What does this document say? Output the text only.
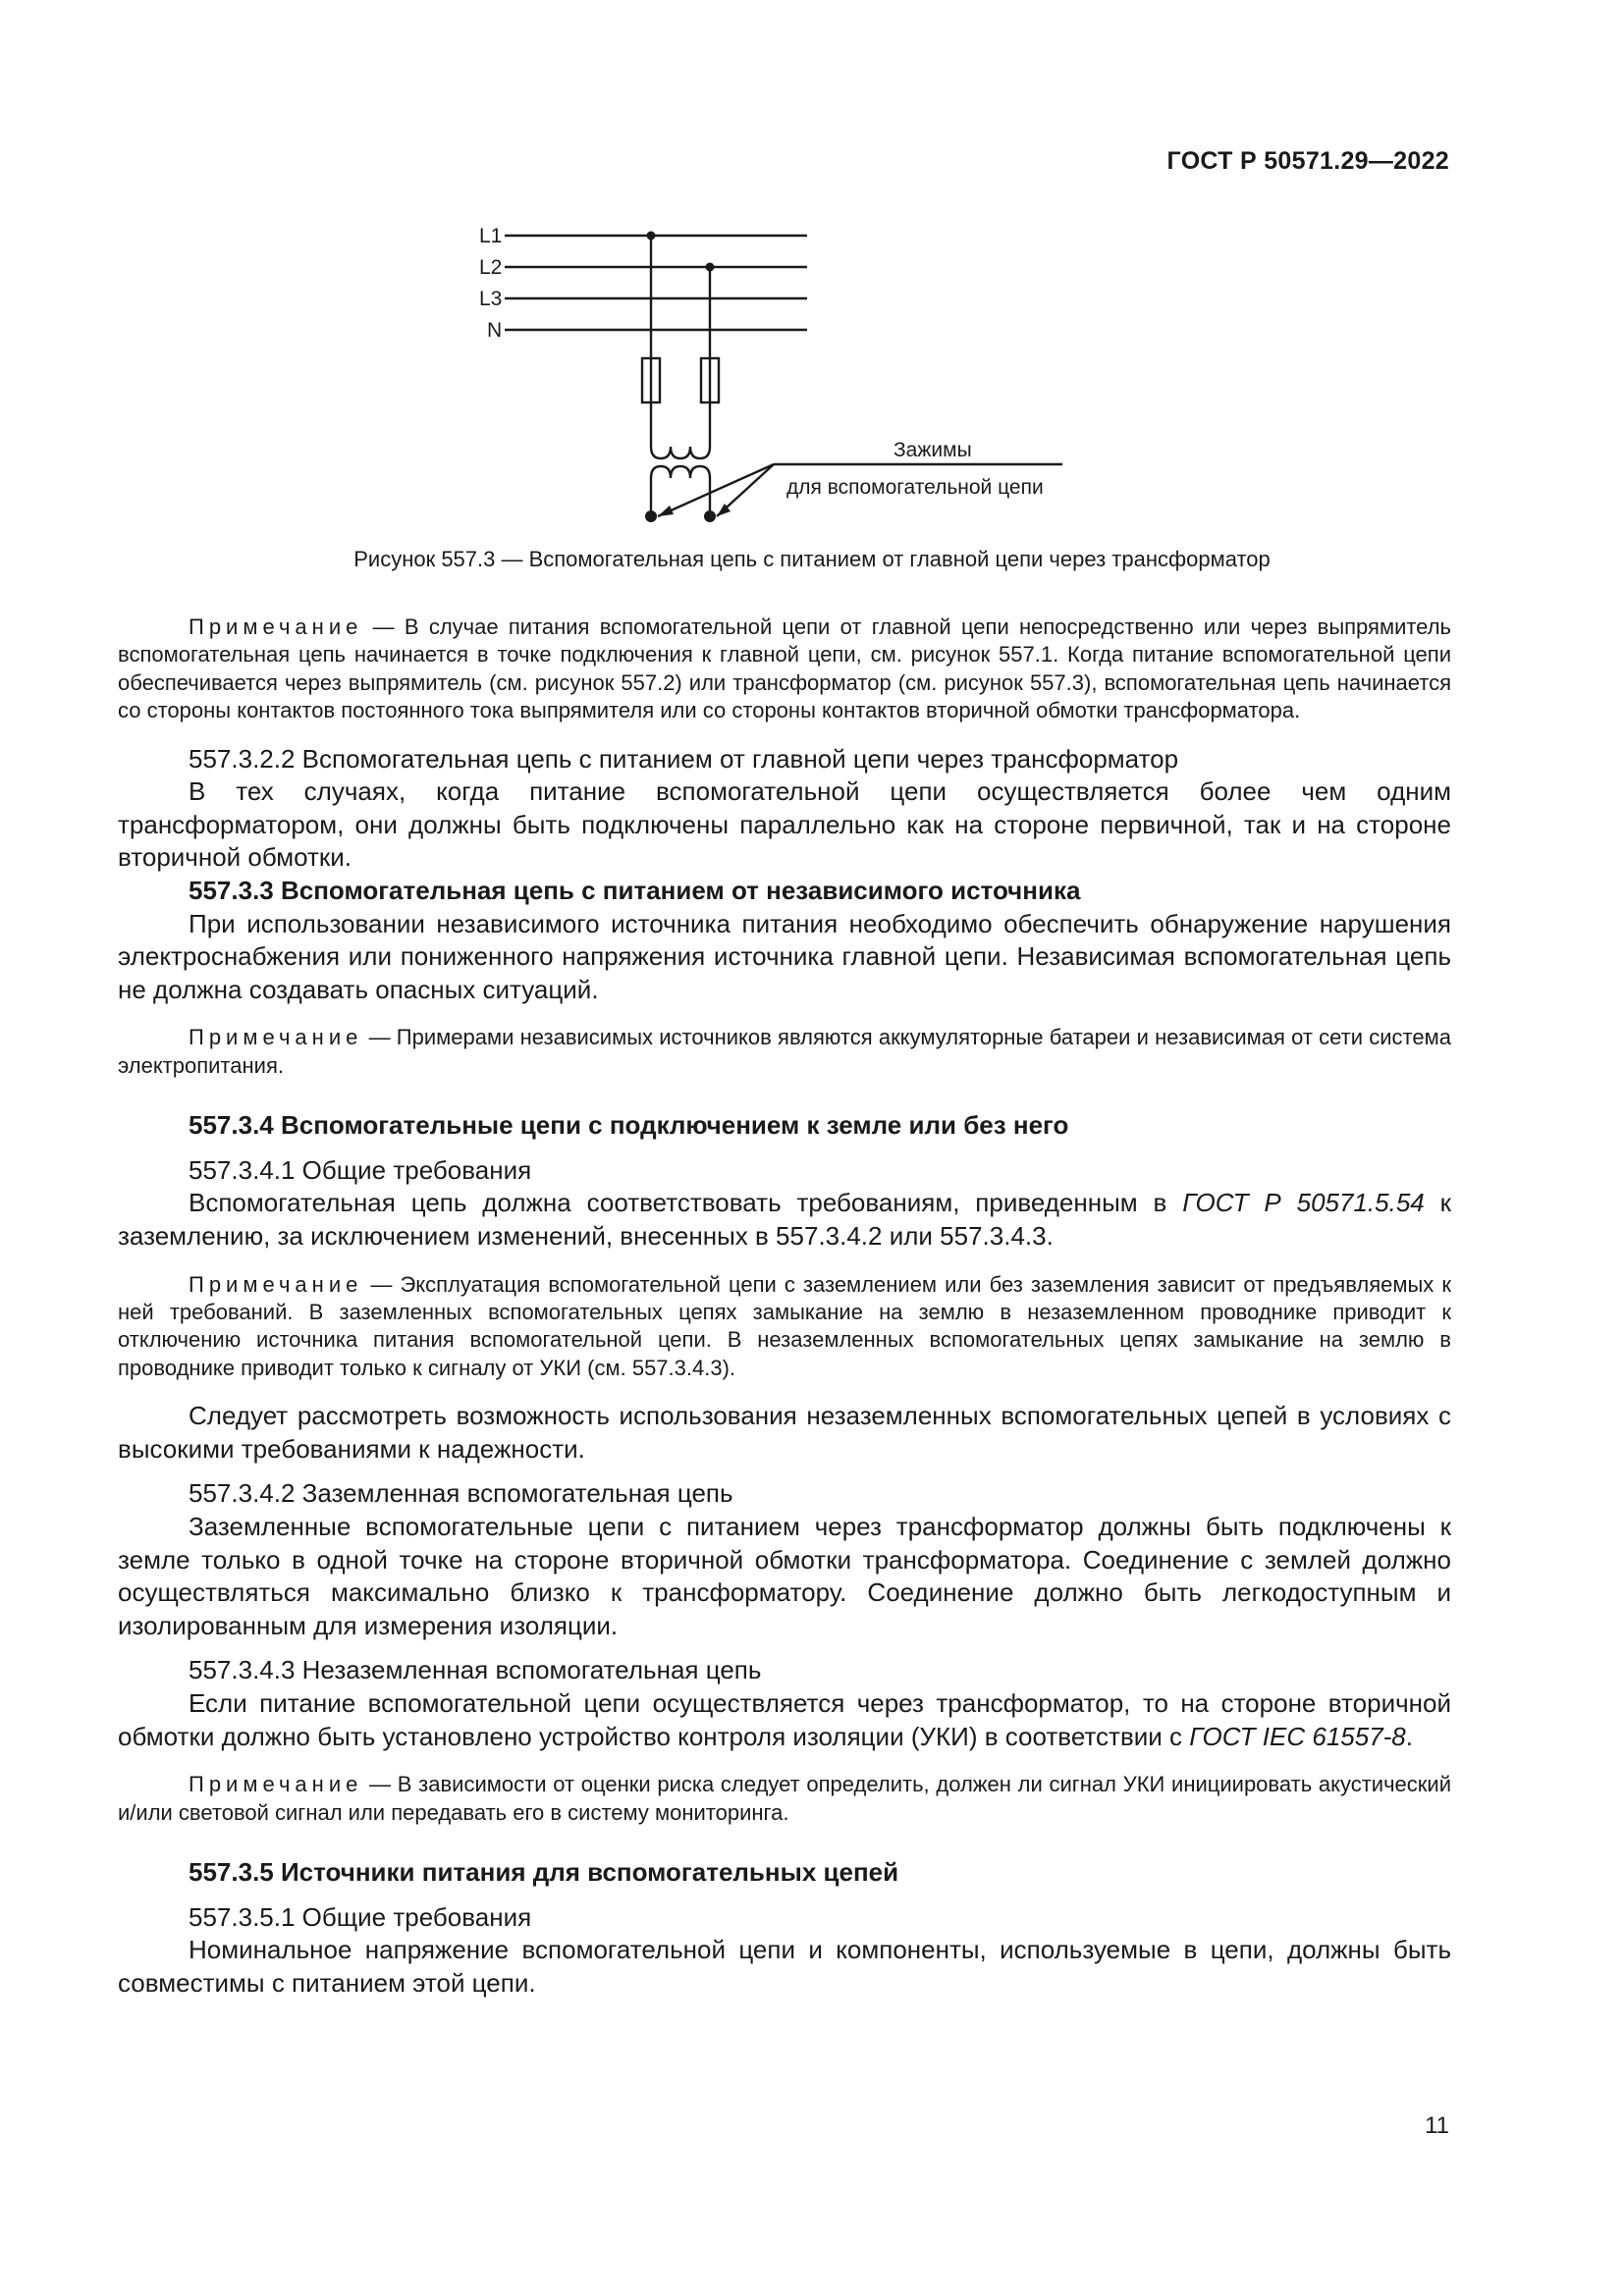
ГОСТ Р 50571.29—2022
L1
L2
L3
N
Зажимы
для вспомогательной цепи
Рисунок 557.3 — Вспомогательная цепь с питанием от главной цепи через трансформатор

Примечание — В случае питания вспомогательной цепи от главной цепи непосредственно или через выпрямитель вспомогательная цепь начинается в точке подключения к главной цепи, см. рисунок 557.1. Когда питание вспомогательной цепи обеспечивается через выпрямитель (см. рисунок 557.2) или трансформатор (см. рисунок 557.3), вспомогательная цепь начинается со стороны контактов постоянного тока выпрямителя или со стороны контактов вторичной обмотки трансформатора.

557.3.2.2 Вспомогательная цепь с питанием от главной цепи через трансформатор

В тех случаях, когда питание вспомогательной цепи осуществляется более чем одним трансформатором, они должны быть подключены параллельно как на стороне первичной, так и на стороне вторичной обмотки.

557.3.3 Вспомогательная цепь с питанием от независимого источника

При использовании независимого источника питания необходимо обеспечить обнаружение нарушения электроснабжения или пониженного напряжения источника главной цепи. Независимая вспомогательная цепь не должна создавать опасных ситуаций.

Примечание — Примерами независимых источников являются аккумуляторные батареи и независимая от сети система электропитания.

557.3.4 Вспомогательные цепи с подключением к земле или без него

557.3.4.1 Общие требования

Вспомогательная цепь должна соответствовать требованиям, приведенным в ГОСТ Р 50571.5.54 к заземлению, за исключением изменений, внесенных в 557.3.4.2 или 557.3.4.3.

Примечание — Эксплуатация вспомогательной цепи с заземлением или без заземления зависит от предъявляемых к ней требований. В заземленных вспомогательных цепях замыкание на землю в незаземленном проводнике приводит к отключению источника питания вспомогательной цепи. В незаземленных вспомогательных цепях замыкание на землю в проводнике приводит только к сигналу от УКИ (см. 557.3.4.3).

Следует рассмотреть возможность использования незаземленных вспомогательных цепей в условиях с высокими требованиями к надежности.

557.3.4.2 Заземленная вспомогательная цепь

Заземленные вспомогательные цепи с питанием через трансформатор должны быть подключены к земле только в одной точке на стороне вторичной обмотки трансформатора. Соединение с землей должно осуществляться максимально близко к трансформатору. Соединение должно быть легкодоступным и изолированным для измерения изоляции.

557.3.4.3 Незаземленная вспомогательная цепь

Если питание вспомогательной цепи осуществляется через трансформатор, то на стороне вторичной обмотки должно быть установлено устройство контроля изоляции (УКИ) в соответствии с ГОСТ IEC 61557-8.

Примечание — В зависимости от оценки риска следует определить, должен ли сигнал УКИ инициировать акустический и/или световой сигнал или передавать его в систему мониторинга.

557.3.5 Источники питания для вспомогательных цепей

557.3.5.1 Общие требования

Номинальное напряжение вспомогательной цепи и компоненты, используемые в цепи, должны быть совместимы с питанием этой цепи.

11
